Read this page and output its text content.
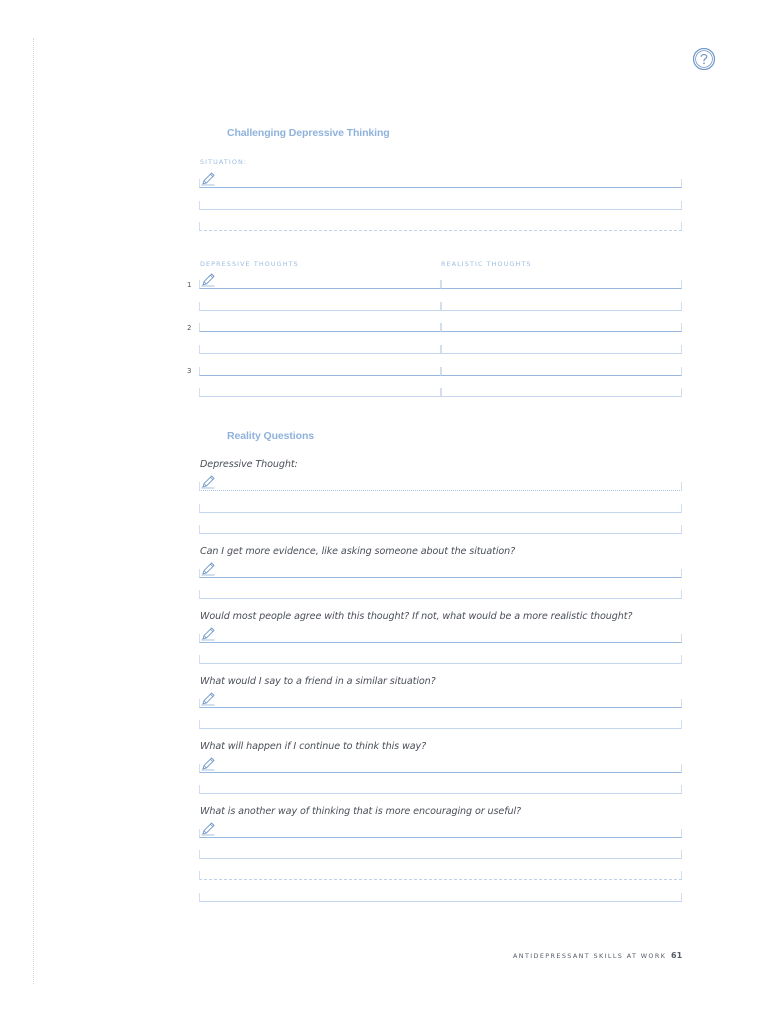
Challenging Depressive Thinking
SITUATION:
DEPRESSIVE THOUGHTS	REALISTIC THOUGHTS
1
2
3
Reality Questions
Depressive Thought:
Can I get more evidence, like asking someone about the situation?
Would most people agree with this thought? If not, what would be a more realistic thought?
What would I say to a friend in a similar situation?
What will happen if I continue to think this way?
What is another way of thinking that is more encouraging or useful?
ANTIDEPRESSANT SKILLS AT WORK 61
